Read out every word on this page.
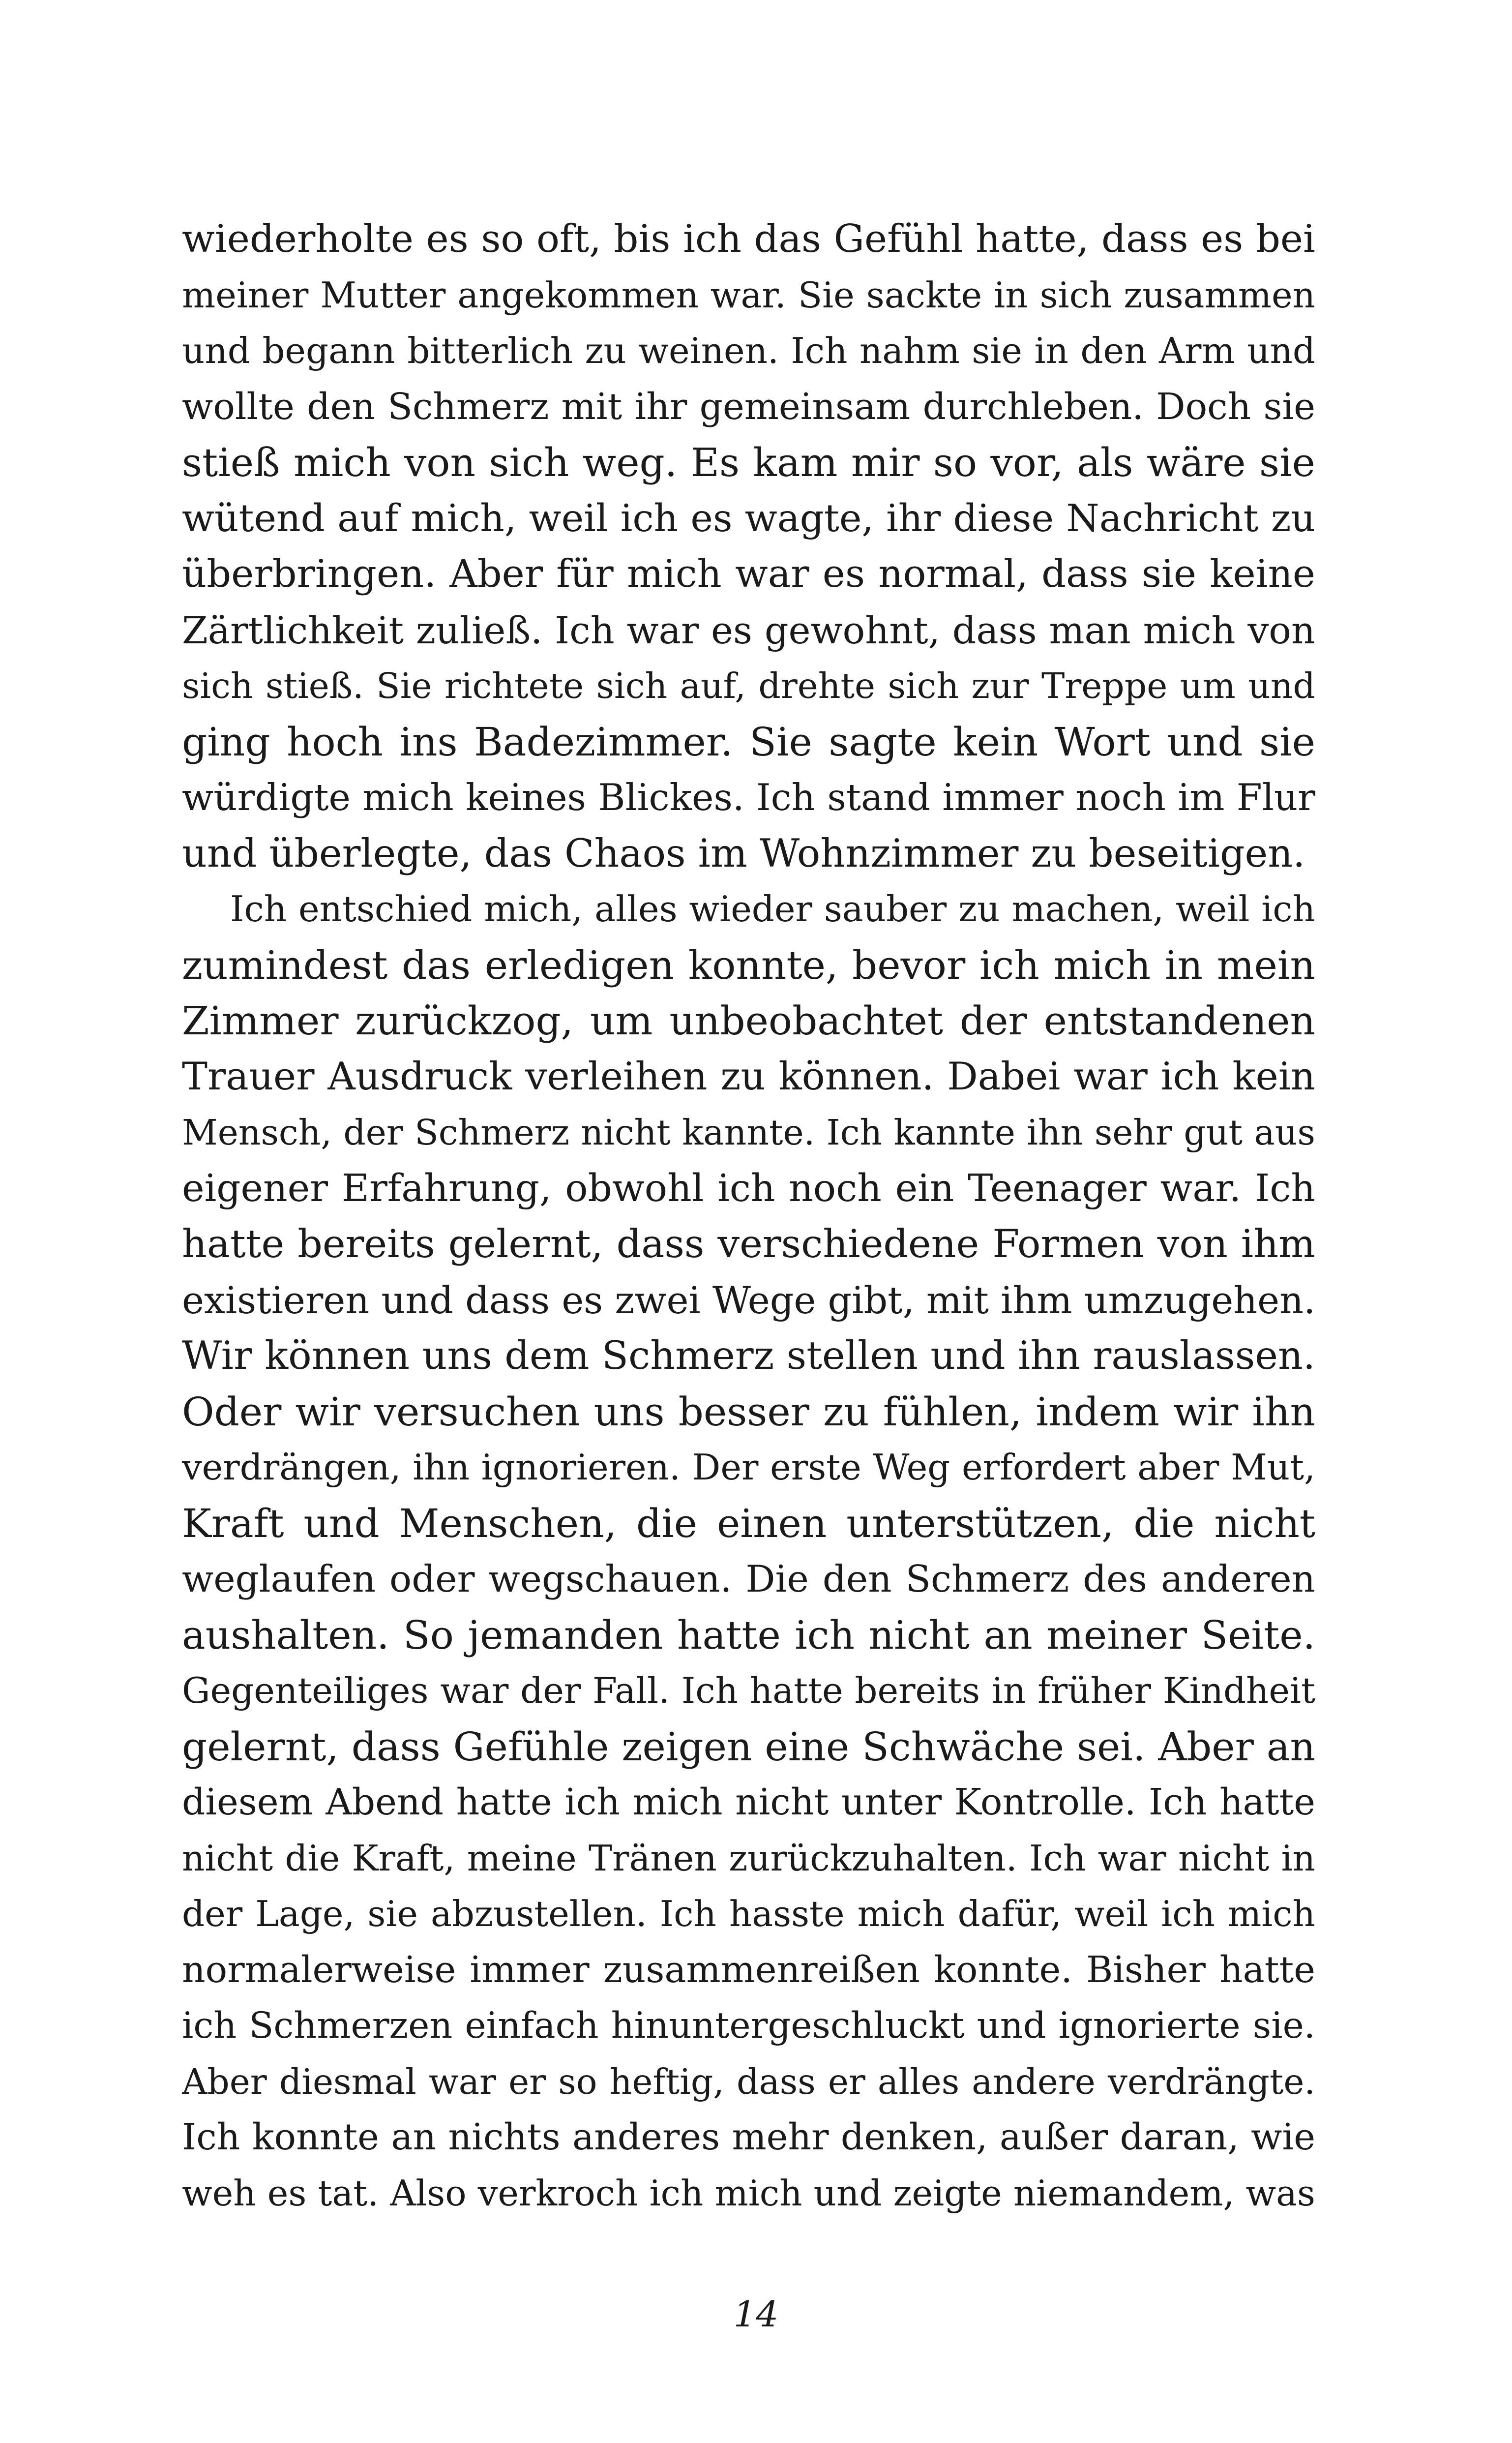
wiederholte es so oft, bis ich das Gefühl hatte, dass es bei
meiner Mutter angekommen war. Sie sackte in sich zusammen
und begann bitterlich zu weinen. Ich nahm sie in den Arm und
wollte den Schmerz mit ihr gemeinsam durchleben. Doch sie
stieß mich von sich weg. Es kam mir so vor, als wäre sie
wütend auf mich, weil ich es wagte, ihr diese Nachricht zu
überbringen. Aber für mich war es normal, dass sie keine
Zärtlichkeit zuließ. Ich war es gewohnt, dass man mich von
sich stieß. Sie richtete sich auf, drehte sich zur Treppe um und
ging hoch ins Badezimmer. Sie sagte kein Wort und sie
würdigte mich keines Blickes. Ich stand immer noch im Flur
und überlegte, das Chaos im Wohnzimmer zu beseitigen.
Ich entschied mich, alles wieder sauber zu machen, weil ich
zumindest das erledigen konnte, bevor ich mich in mein
Zimmer zurückzog, um unbeobachtet der entstandenen
Trauer Ausdruck verleihen zu können. Dabei war ich kein
Mensch, der Schmerz nicht kannte. Ich kannte ihn sehr gut aus
eigener Erfahrung, obwohl ich noch ein Teenager war. Ich
hatte bereits gelernt, dass verschiedene Formen von ihm
existieren und dass es zwei Wege gibt, mit ihm umzugehen.
Wir können uns dem Schmerz stellen und ihn rauslassen.
Oder wir versuchen uns besser zu fühlen, indem wir ihn
verdrängen, ihn ignorieren. Der erste Weg erfordert aber Mut,
Kraft und Menschen, die einen unterstützen, die nicht
weglaufen oder wegschauen. Die den Schmerz des anderen
aushalten. So jemanden hatte ich nicht an meiner Seite.
Gegenteiliges war der Fall. Ich hatte bereits in früher Kindheit
gelernt, dass Gefühle zeigen eine Schwäche sei. Aber an
diesem Abend hatte ich mich nicht unter Kontrolle. Ich hatte
nicht die Kraft, meine Tränen zurückzuhalten. Ich war nicht in
der Lage, sie abzustellen. Ich hasste mich dafür, weil ich mich
normalerweise immer zusammenreißen konnte. Bisher hatte
ich Schmerzen einfach hinuntergeschluckt und ignorierte sie.
Aber diesmal war er so heftig, dass er alles andere verdrängte.
Ich konnte an nichts anderes mehr denken, außer daran, wie
weh es tat. Also verkroch ich mich und zeigte niemandem, was
14
